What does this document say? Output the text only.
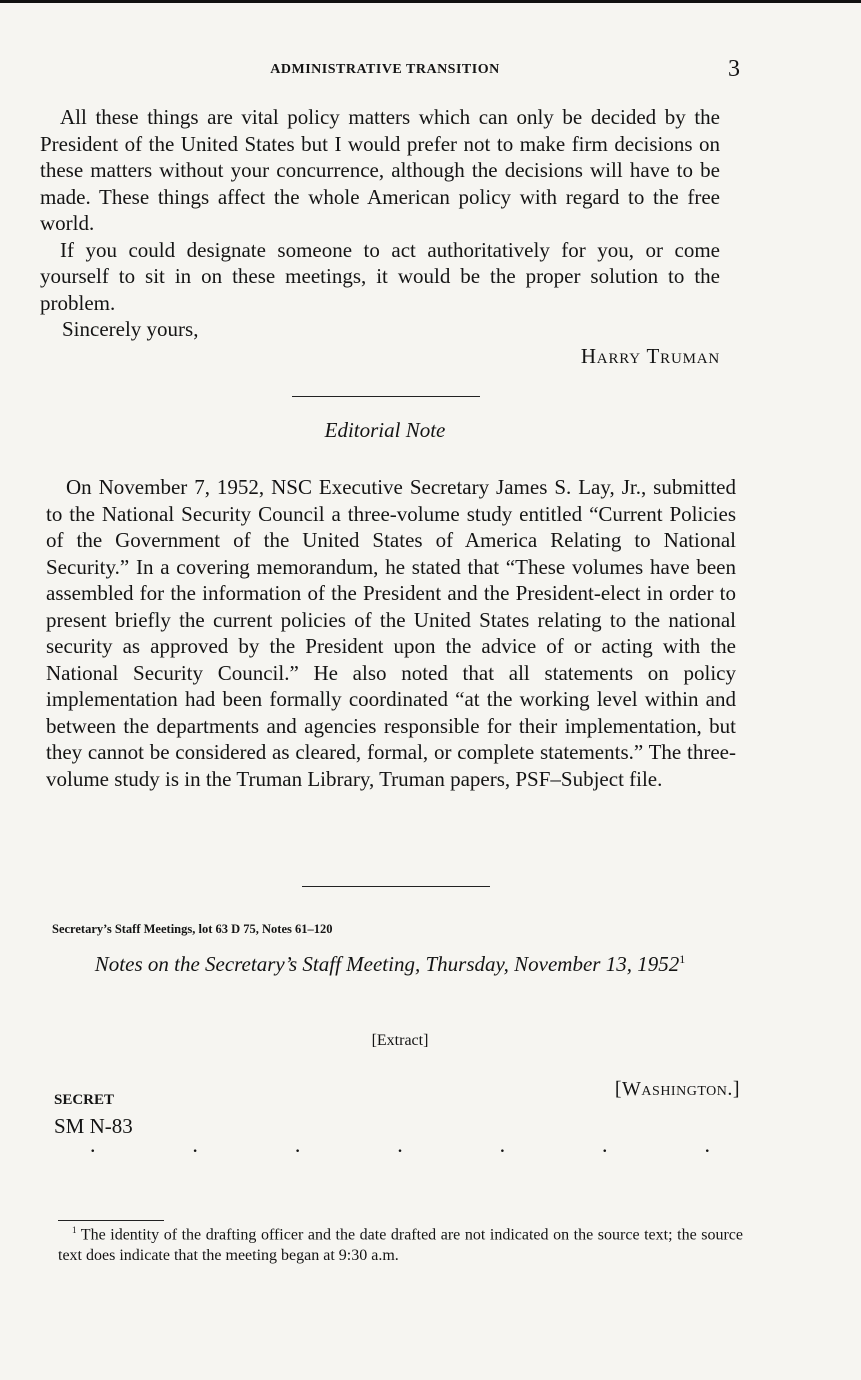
ADMINISTRATIVE TRANSITION	3

All these things are vital policy matters which can only be decided by the President of the United States but I would prefer not to make firm decisions on these matters without your concurrence, although the decisions will have to be made. These things affect the whole American policy with regard to the free world.

If you could designate someone to act authoritatively for you, or come yourself to sit in on these meetings, it would be the proper solution to the problem.

Sincerely yours,

Harry Truman
Editorial Note

On November 7, 1952, NSC Executive Secretary James S. Lay, Jr., submitted to the National Security Council a three-volume study entitled “Current Policies of the Government of the United States of America Relating to National Security.” In a covering memorandum, he stated that “These volumes have been assembled for the information of the President and the President-elect in order to present briefly the current policies of the United States relating to the national security as approved by the President upon the advice of or acting with the National Security Council.” He also noted that all statements on policy implementation had been formally coordinated “at the working level within and between the departments and agencies responsible for their implementation, but they cannot be considered as cleared, formal, or complete statements.” The three-volume study is in the Truman Library, Truman papers, PSF–Subject file.

Secretary’s Staff Meetings, lot 63 D 75, Notes 61–120
Notes on the Secretary’s Staff Meeting, Thursday, November 13, 1952$^1$
[Extract]
[Washington.]
SECRET
SM N-83
.	.	.	.	.	.	.
$^1$ The identity of the drafting officer and the date drafted are not indicated on the source text; the source text does indicate that the meeting began at 9:30 a.m.
